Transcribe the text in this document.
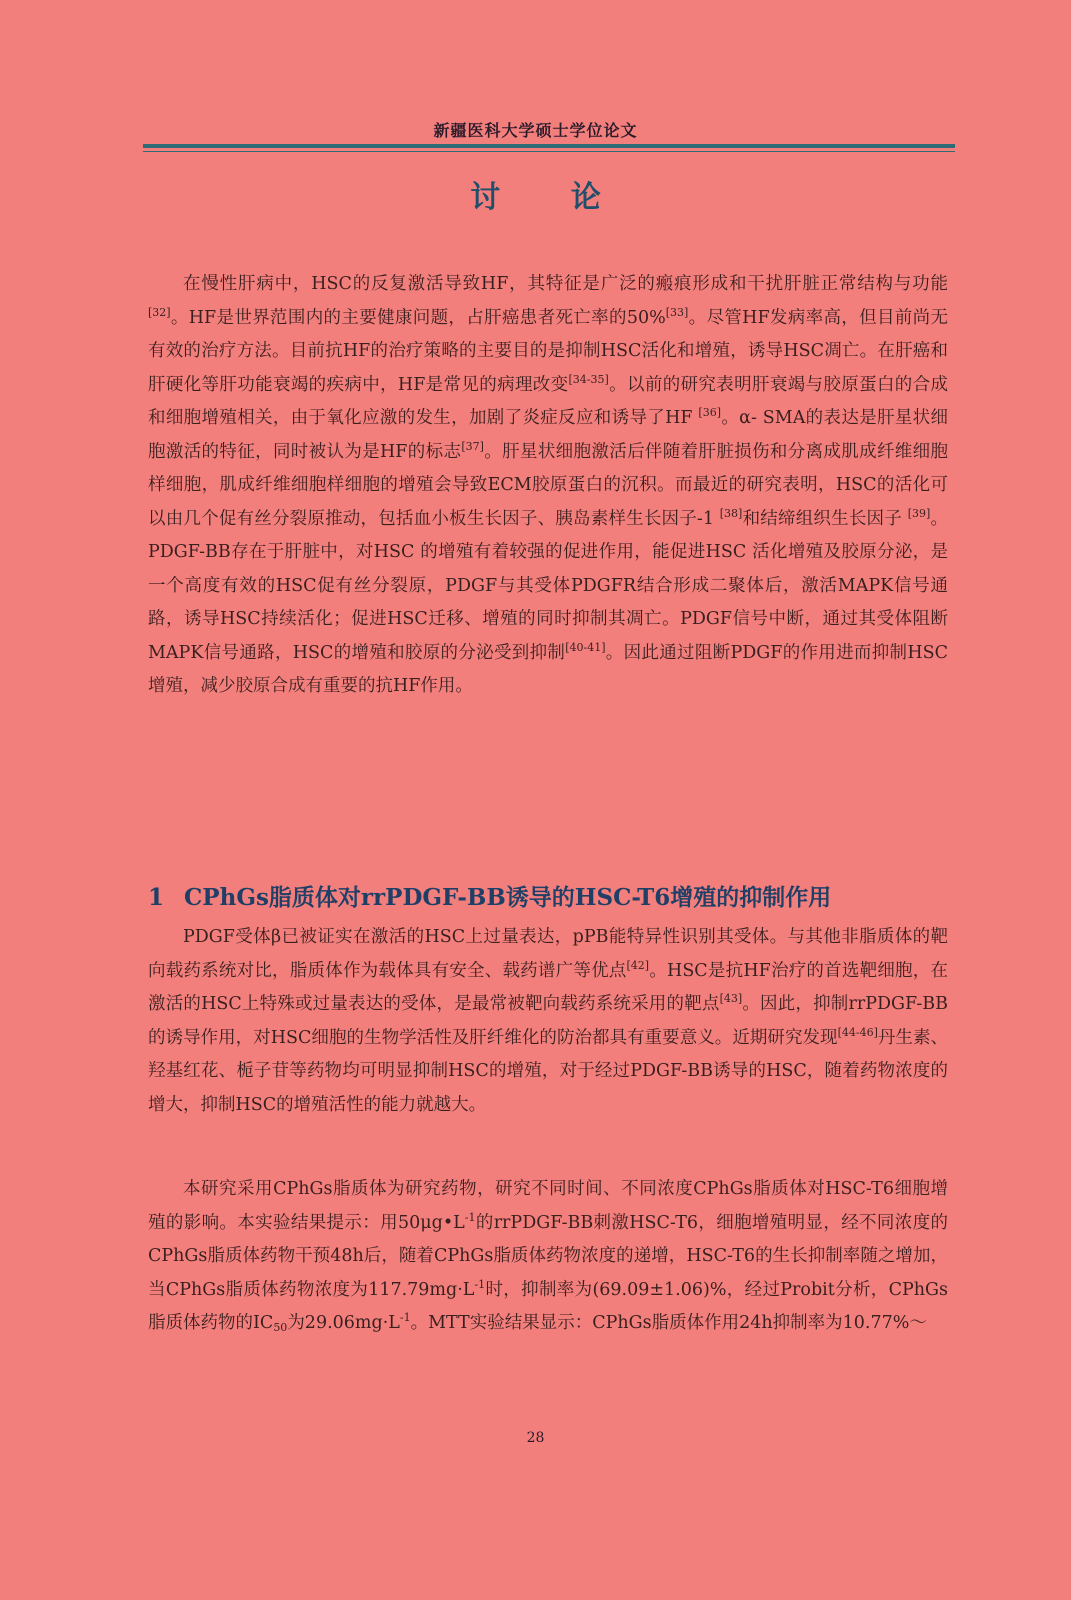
新疆医科大学硕士学位论文
讨 论

在慢性肝病中，HSC的反复激活导致HF，其特征是广泛的瘢痕形成和干扰肝脏正常结构与功能[32]。HF是世界范围内的主要健康问题，占肝癌患者死亡率的50%[33]。尽管HF发病率高，但目前尚无有效的治疗方法。目前抗HF的治疗策略的主要目的是抑制HSC活化和增殖，诱导HSC凋亡。在肝癌和肝硬化等肝功能衰竭的疾病中，HF是常见的病理改变[34-35]。以前的研究表明肝衰竭与胶原蛋白的合成和细胞增殖相关，由于氧化应激的发生，加剧了炎症反应和诱导了HF [36]。α- SMA的表达是肝星状细胞激活的特征，同时被认为是HF的标志[37]。肝星状细胞激活后伴随着肝脏损伤和分离成肌成纤维细胞样细胞，肌成纤维细胞样细胞的增殖会导致ECM胶原蛋白的沉积。而最近的研究表明，HSC的活化可以由几个促有丝分裂原推动，包括血小板生长因子、胰岛素样生长因子-1 [38]和结缔组织生长因子 [39]。PDGF-BB存在于肝脏中，对HSC 的增殖有着较强的促进作用，能促进HSC 活化增殖及胶原分泌，是一个高度有效的HSC促有丝分裂原，PDGF与其受体PDGFR结合形成二聚体后，激活MAPK信号通路，诱导HSC持续活化；促进HSC迁移、增殖的同时抑制其凋亡。PDGF信号中断，通过其受体阻断MAPK信号通路，HSC的增殖和胶原的分泌受到抑制[40-41]。因此通过阻断PDGF的作用进而抑制HSC增殖，减少胶原合成有重要的抗HF作用。

1 CPhGs脂质体对rrPDGF-BB诱导的HSC-T6增殖的抑制作用

PDGF受体β已被证实在激活的HSC上过量表达，pPB能特异性识别其受体。与其他非脂质体的靶向载药系统对比，脂质体作为载体具有安全、载药谱广等优点[42]。HSC是抗HF治疗的首选靶细胞，在激活的HSC上特殊或过量表达的受体，是最常被靶向载药系统采用的靶点[43]。因此，抑制rrPDGF-BB的诱导作用，对HSC细胞的生物学活性及肝纤维化的防治都具有重要意义。近期研究发现[44-46]丹生素、羟基红花、栀子苷等药物均可明显抑制HSC的增殖，对于经过PDGF-BB诱导的HSC，随着药物浓度的增大，抑制HSC的增殖活性的能力就越大。

本研究采用CPhGs脂质体为研究药物，研究不同时间、不同浓度CPhGs脂质体对HSC-T6细胞增殖的影响。本实验结果提示：用$50\mu g•L^{-1}$的rrPDGF-BB刺激HSC-T6，细胞增殖明显，经不同浓度的CPhGs脂质体药物干预48h后，随着CPhGs脂质体药物浓度的递增，HSC-T6的生长抑制率随之增加，当CPhGs脂质体药物浓度为$117.79mg\cdot L^{-1}$时，抑制率为(69.09±1.06)%，经过Probit分析，CPhGs脂质体药物的$IC_{50}$为$29.06mg\cdot L^{-1}$。MTT实验结果显示：CPhGs脂质体作用24h抑制率为10.77%～

28
